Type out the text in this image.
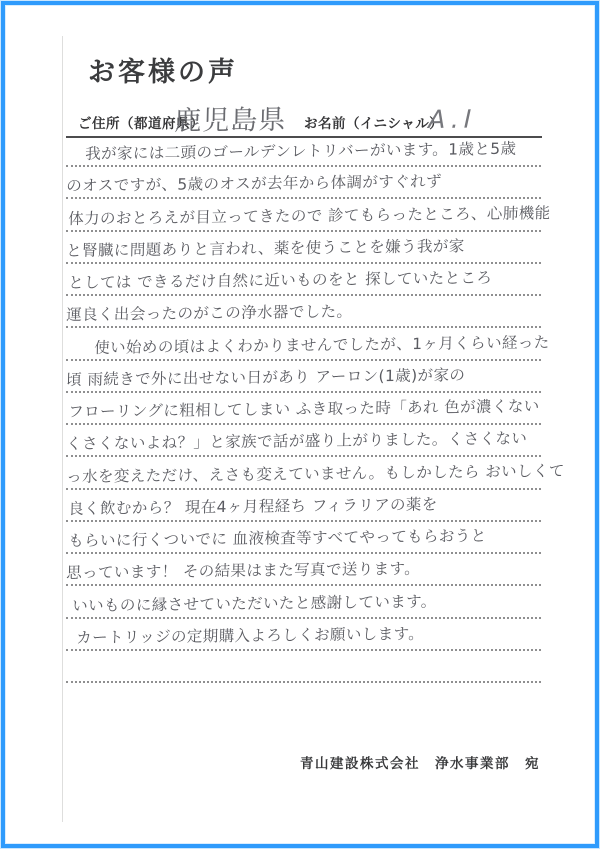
お客様の声
ご住所（都道府県）
鹿児島県 お名前（イニシャル）
A.I
我が家には二頭のゴールデンレトリバーがいます。1歳と5歳
のオスですが、5歳のオスが去年から体調がすぐれず
体力のおとろえが目立ってきたので 診てもらったところ、心肺機能
と腎臓に問題ありと言われ、薬を使うことを嫌う我が家
としては できるだけ自然に近いものをと 探していたところ
運良く出会ったのがこの浄水器でした。
使い始めの頃はよくわかりませんでしたが、1ヶ月くらい経った
頃 雨続きで外に出せない日があり アーロン(1歳)が家の
フローリングに粗相してしまい ふき取った時「あれ 色が濃くない
くさくないよね？」と家族で話が盛り上がりました。くさくない
っ水を変えただけ、えさも変えていません。もしかしたら おいしくて
良く飲むから？ 現在4ヶ月程経ち フィラリアの薬を
もらいに行くついでに 血液検査等すべてやってもらおうと
思っています！ その結果はまた写真で送ります。
いいものに縁させていただいたと感謝しています。
カートリッジの定期購入よろしくお願いします。
青山建設株式会社　浄水事業部　宛
